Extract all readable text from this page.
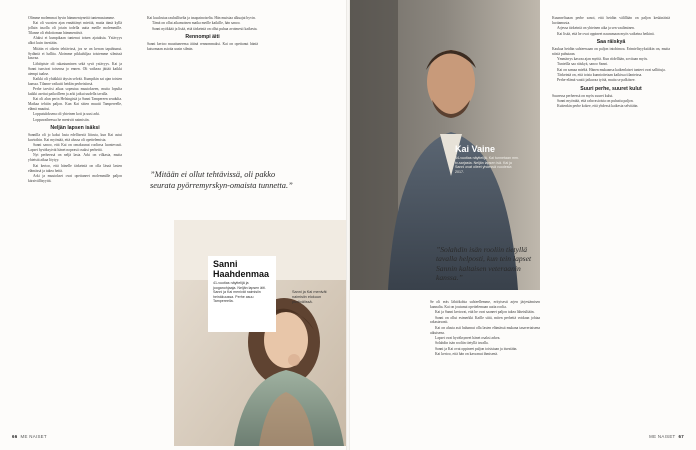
Olimme molemmat hyvin hämmentyneitä tuntemastamme.

Kai oli vuosien ajan ennättänyt miettiä, mutta tämä kyllä jollain tasolla oli jotain todella uutta meille molemmille. Tilanne oli ehdottoman hämmentävä.

Aluksi ei kumpikaan tuntenut toisen ajatuksia. Ystävyys alkoi kuin itsestään.

Mitään ei oikein tehtävissä, jos se on kerran tapahtunut. Sydäntä ei hallita. Aloimme pikkuhiljaa toistemme silmissä kasvaa.

Lähtöpiste oli rakastuminen sekä syvä ystävyys. Kai ja Sanni tunsivat toisensa jo ennen. Oli vaikeaa jättää kaikki aiempi taakse.

Kaikki oli yhtäkkiä täysin selvää. Kumpikin sai ajan toisten kanssa. Tilanne vaikutti heidän perheisiinsä.

Perhe tarvitsi aikaa sopeutua muutokseen, mutta lopulta kaikki asettui paikoilleen ja arki jatkui uudella tavalla.

Kai oli alun perin Helsingistä ja Sanni Tampereen seudulta. Matkaa tehtiin paljon. Kun Kai sitten muutti Tampereelle, elämä muuttui.

Lopputuloksena oli yhteinen koti ja uusi arki.

Loppuvaiheessa he menivät naimisiin.

Neljän lapsen isäksi

Sannilla oli jo kaksi lasta edellisestä liitosta, kun Kai astui kuvioihin. Kai myöntää, että alussa oli opettelemista.

Sanni sanoo, että Kai on omaksunut roolinsa luontevasti. Lapset hyväksyivät hänet nopeasti osaksi perhettä.

Nyt perheessä on neljä lasta. Arki on vilkasta, mutta yhteistä aikaa löytyy.

Kai kertoo, että hänelle tärkeintä on olla läsnä lasten elämässä ja tukea heitä.

Arki ja muutokset ovat opettaneet molemmille paljon kärsivällisyyttä.

Kai kuulostaa rauhalliselta ja tasapainoiselta. Hän muistaa alkuajat hyvin.

Tämä on ollut aikamoinen matka meille kaikille, hän sanoo.

Sanni nyökkää ja lisää, että tärkeintä on ollut puhua avoimesti kaikesta.

Rennompi äiti

Sanni kertoo muuttuneensa äitinä rennommaksi. Kai on opettanut häntä katsomaan asioita uusin silmin.

”Mitään ei ollut tehtävissä, oli pakko seurata pyörremyrskyn-omaista tunnetta.”
Sanni Haahdenmaa
41-vuotias näyttelijä ja jooganohjaaja. Neljän lapsen äiti. Sanni ja Kai menivät naimisiin heinäkuussa. Perhe asuu Tampereella.
Sanni ja Kai menivät naimisiin elokuun puolivälissä.
66 ME NAISET
Kai Vaine
44-vuotias näyttelijä. Kai tunnetaan mm. tv-sarjasta. Neljän lapsen isä. Kai ja Sanni ovat olleet yhdessä vuodesta 2017.
”Solahdin isän rooliin tietyllä tavalla helposti, kun tein lapset Sannin kaltaisen veteraanin kanssa.”

Se oli eräs lähtökohta suhteellemme, erityisesti arjen järjestämisen kannalta. Kai on joutunut opettelemaan uutta roolia.

Kai ja Sanni kertovat, että he ovat saaneet paljon tukea läheisiltään.

Sanni on ollut esimerkki Kaille siitä, miten perhettä voidaan johtaa rakastavasti.

Kai on alusta asti halunnut olla lasten elämässä mukana tasavertaisena aikuisena.

Lapset ovat hyväksyneet hänet osaksi arkea.

Solahdin isän rooliin tietyllä tavalla.

Sanni ja Kai ovat oppineet paljon toisistaan ja itsestään.

Kai kertoo, että hän on kasvanut ihmisenä.

Kuunneltuaan perhe sanoi, että heidän välillään on paljon keskinäistä luottamusta.

Arjessa tärkeintä on yhteinen aika ja sen vaaliminen.

Kai lisää, että he ovat oppineet nauramaan myös vaikeina hetkinä.

Saa räiskyä

Kaukaa heidän suhteessaan on paljon intohimoa. Erimielisyyksiäkin on, mutta niistä puhutaan.

Ymmärrys kasvaa ajan myötä. Kun riidellään, sovitaan myös.

Tunteilla saa räiskyä, sanoo Sanni.

Kai on samaa mieltä. Hänen mukaansa kaikenlaiset tunteet ovat sallittuja.

Tärkeintä on, että toista kunnioitetaan kaikissa tilanteissa.

Perhe-elämä vaatii jatkuvaa työtä, mutta se palkitsee.

Suuri perhe, suuret kulut

Suuressa perheessä on myös suuret kulut.

Sanni myöntää, että raha-asioista on puhuttu paljon.

Kuitenkin perhe kokee, että yhdessä kaikesta selvitään.

ME NAISET 67
